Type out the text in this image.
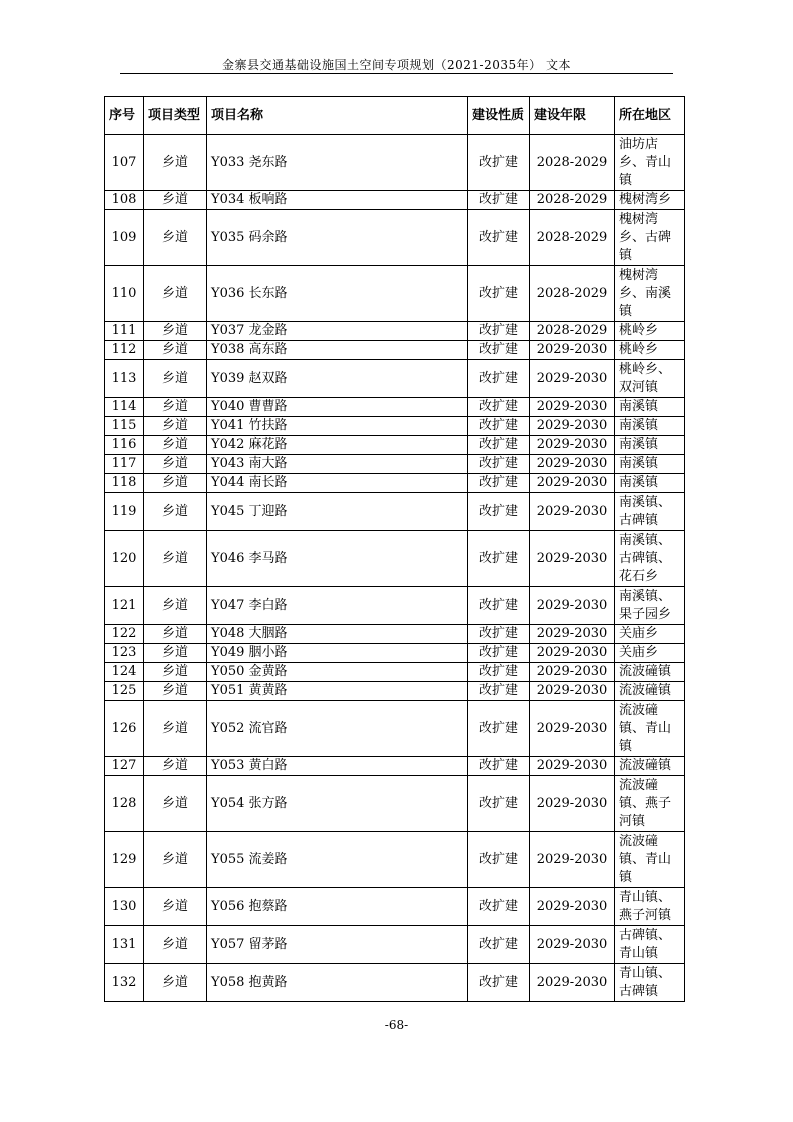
金寨县交通基础设施国土空间专项规划（2021-2035年） 文本
序号	项目类型	项目名称	建设性质	建设年限	所在地区
107	乡道	Y033 尧东路	改扩建	2028-2029	油坊店乡、青山镇
108	乡道	Y034 板响路	改扩建	2028-2029	槐树湾乡
109	乡道	Y035 码余路	改扩建	2028-2029	槐树湾乡、古碑镇
110	乡道	Y036 长东路	改扩建	2028-2029	槐树湾乡、南溪镇
111	乡道	Y037 龙金路	改扩建	2028-2029	桃岭乡
112	乡道	Y038 高东路	改扩建	2029-2030	桃岭乡
113	乡道	Y039 赵双路	改扩建	2029-2030	桃岭乡、双河镇
114	乡道	Y040 曹曹路	改扩建	2029-2030	南溪镇
115	乡道	Y041 竹扶路	改扩建	2029-2030	南溪镇
116	乡道	Y042 麻花路	改扩建	2029-2030	南溪镇
117	乡道	Y043 南大路	改扩建	2029-2030	南溪镇
118	乡道	Y044 南长路	改扩建	2029-2030	南溪镇
119	乡道	Y045 丁迎路	改扩建	2029-2030	南溪镇、古碑镇
120	乡道	Y046 李马路	改扩建	2029-2030	南溪镇、古碑镇、花石乡
121	乡道	Y047 李白路	改扩建	2029-2030	南溪镇、果子园乡
122	乡道	Y048 大胭路	改扩建	2029-2030	关庙乡
123	乡道	Y049 胭小路	改扩建	2029-2030	关庙乡
124	乡道	Y050 金黄路	改扩建	2029-2030	流波䃥镇
125	乡道	Y051 黄黄路	改扩建	2029-2030	流波䃥镇
126	乡道	Y052 流官路	改扩建	2029-2030	流波䃥镇、青山镇
127	乡道	Y053 黄白路	改扩建	2029-2030	流波䃥镇
128	乡道	Y054 张方路	改扩建	2029-2030	流波䃥镇、燕子河镇
129	乡道	Y055 流姜路	改扩建	2029-2030	流波䃥镇、青山镇
130	乡道	Y056 抱蔡路	改扩建	2029-2030	青山镇、燕子河镇
131	乡道	Y057 留茅路	改扩建	2029-2030	古碑镇、青山镇
132	乡道	Y058 抱黄路	改扩建	2029-2030	青山镇、古碑镇
-68-
